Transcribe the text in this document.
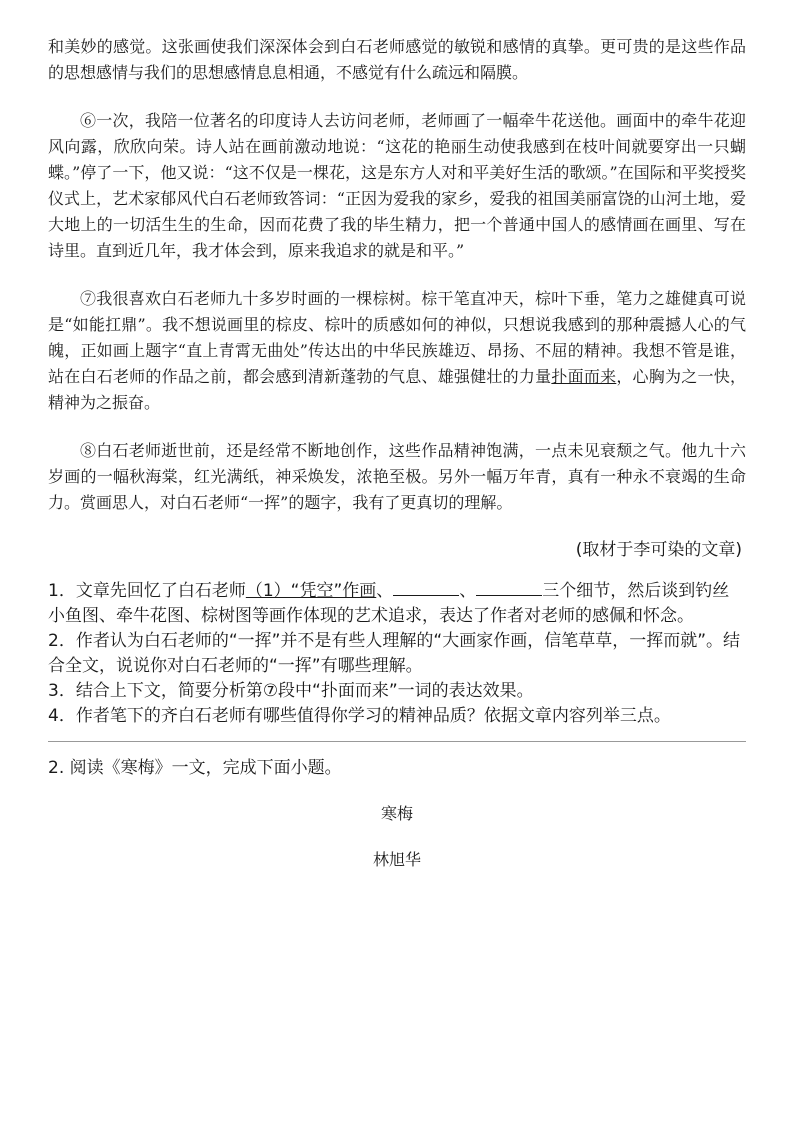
和美妙的感觉。这张画使我们深深体会到白石老师感觉的敏锐和感情的真挚。更可贵的是这些作品的思想感情与我们的思想感情息息相通，不感觉有什么疏远和隔膜。

⑥一次，我陪一位著名的印度诗人去访问老师，老师画了一幅牵牛花送他。画面中的牵牛花迎风向露，欣欣向荣。诗人站在画前激动地说：“这花的艳丽生动使我感到在枝叶间就要穿出一只蝴蝶。”停了一下，他又说：“这不仅是一棵花，这是东方人对和平美好生活的歌颂。”在国际和平奖授奖仪式上，艺术家郁风代白石老师致答词：“正因为爱我的家乡，爱我的祖国美丽富饶的山河土地，爱大地上的一切活生生的生命，因而花费了我的毕生精力，把一个普通中国人的感情画在画里、写在诗里。直到近几年，我才体会到，原来我追求的就是和平。”

⑦我很喜欢白石老师九十多岁时画的一棵棕树。棕干笔直冲天，棕叶下垂，笔力之雄健真可说是“如能扛鼎”。我不想说画里的棕皮、棕叶的质感如何的神似，只想说我感到的那种震撼人心的气魄，正如画上题字“直上青霄无曲处”传达出的中华民族雄迈、昂扬、不屈的精神。我想不管是谁，站在白石老师的作品之前，都会感到清新蓬勃的气息、雄强健壮的力量扑面而来，心胸为之一快，精神为之振奋。

⑧白石老师逝世前，还是经常不断地创作，这些作品精神饱满，一点未见衰颓之气。他九十六岁画的一幅秋海棠，红光满纸，神采焕发，浓艳至极。另外一幅万年青，真有一种永不衰竭的生命力。赏画思人，对白石老师“一挥”的题字，我有了更真切的理解。

(取材于李可染的文章)

1．文章先回忆了白石老师（1）“凭空”作画、	、	三个细节，然后谈到钓丝小鱼图、牵牛花图、棕树图等画作体现的艺术追求，表达了作者对老师的感佩和怀念。

2．作者认为白石老师的“一挥”并不是有些人理解的“大画家作画，信笔草草，一挥而就”。结合全文，说说你对白石老师的“一挥”有哪些理解。

3．结合上下文，简要分析第⑦段中“扑面而来”一词的表达效果。

4．作者笔下的齐白石老师有哪些值得你学习的精神品质？依据文章内容列举三点。

2. 阅读《寒梅》一文，完成下面小题。

寒梅

林旭华
